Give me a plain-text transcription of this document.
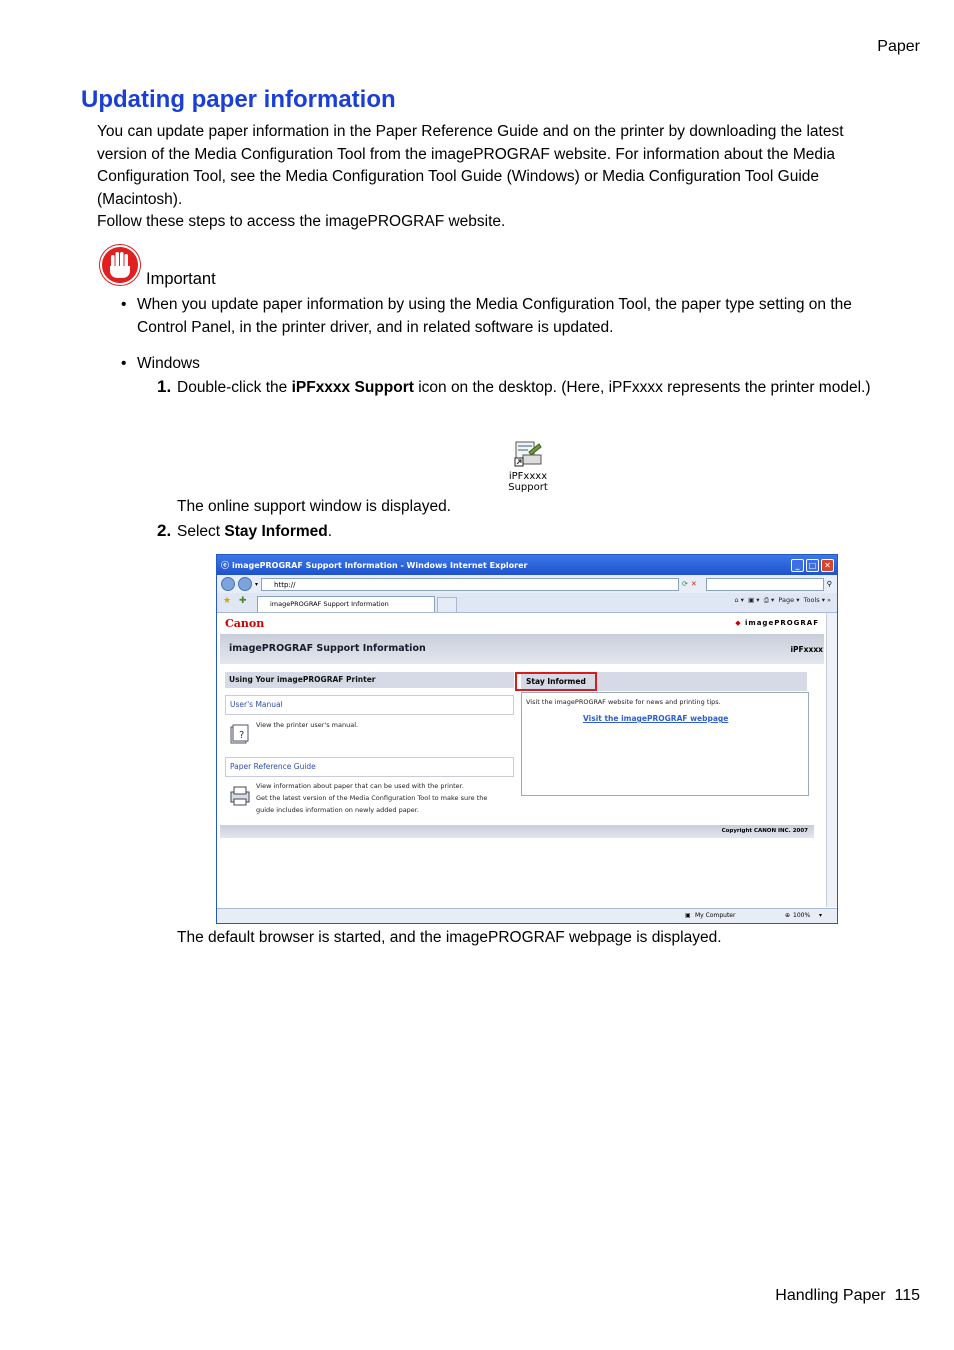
Paper
Updating paper information

You can update paper information in the Paper Reference Guide and on the printer by downloading the latest version of the Media Configuration Tool from the imagePROGRAF website. For information about the Media Configuration Tool, see the Media Configuration Tool Guide (Windows) or Media Configuration Tool Guide (Macintosh).

Follow these steps to access the imagePROGRAF website.

Important
• When you update paper information by using the Media Configuration Tool, the paper type setting on the Control Panel, in the printer driver, and in related software is updated.
• Windows
1. Double-click the iPFxxxx Support icon on the desktop. (Here, iPFxxxx represents the printer model.)
iPFxxxx
Support
The online support window is displayed.
2. Select Stay Informed.
ⓔ imagePROGRAF Support Information - Windows Internet Explorer	_	□ ✕
▾	http://	⟳ ✕	⚲
★ ✚	imagePROGRAF Support Information	⌂ ▾ ▣ ▾ ⎙ ▾ Page ▾  Tools ▾ »
Canon	◆ imagePROGRAF
imagePROGRAF Support Information	iPFxxxx
Using Your imagePROGRAF Printer
User's Manual
?
View the printer user's manual.
Paper Reference Guide
View information about paper that can be used with the printer.
Get the latest version of the Media Configuration Tool to make sure the
guide includes information on newly added paper.
Stay Informed
Visit the imagePROGRAF website for news and printing tips.
Visit the imagePROGRAF webpage
Copyright CANON INC. 2007
▣ My Computer	⊕ 100% ▾
The default browser is started, and the imagePROGRAF webpage is displayed.
Handling Paper 115
